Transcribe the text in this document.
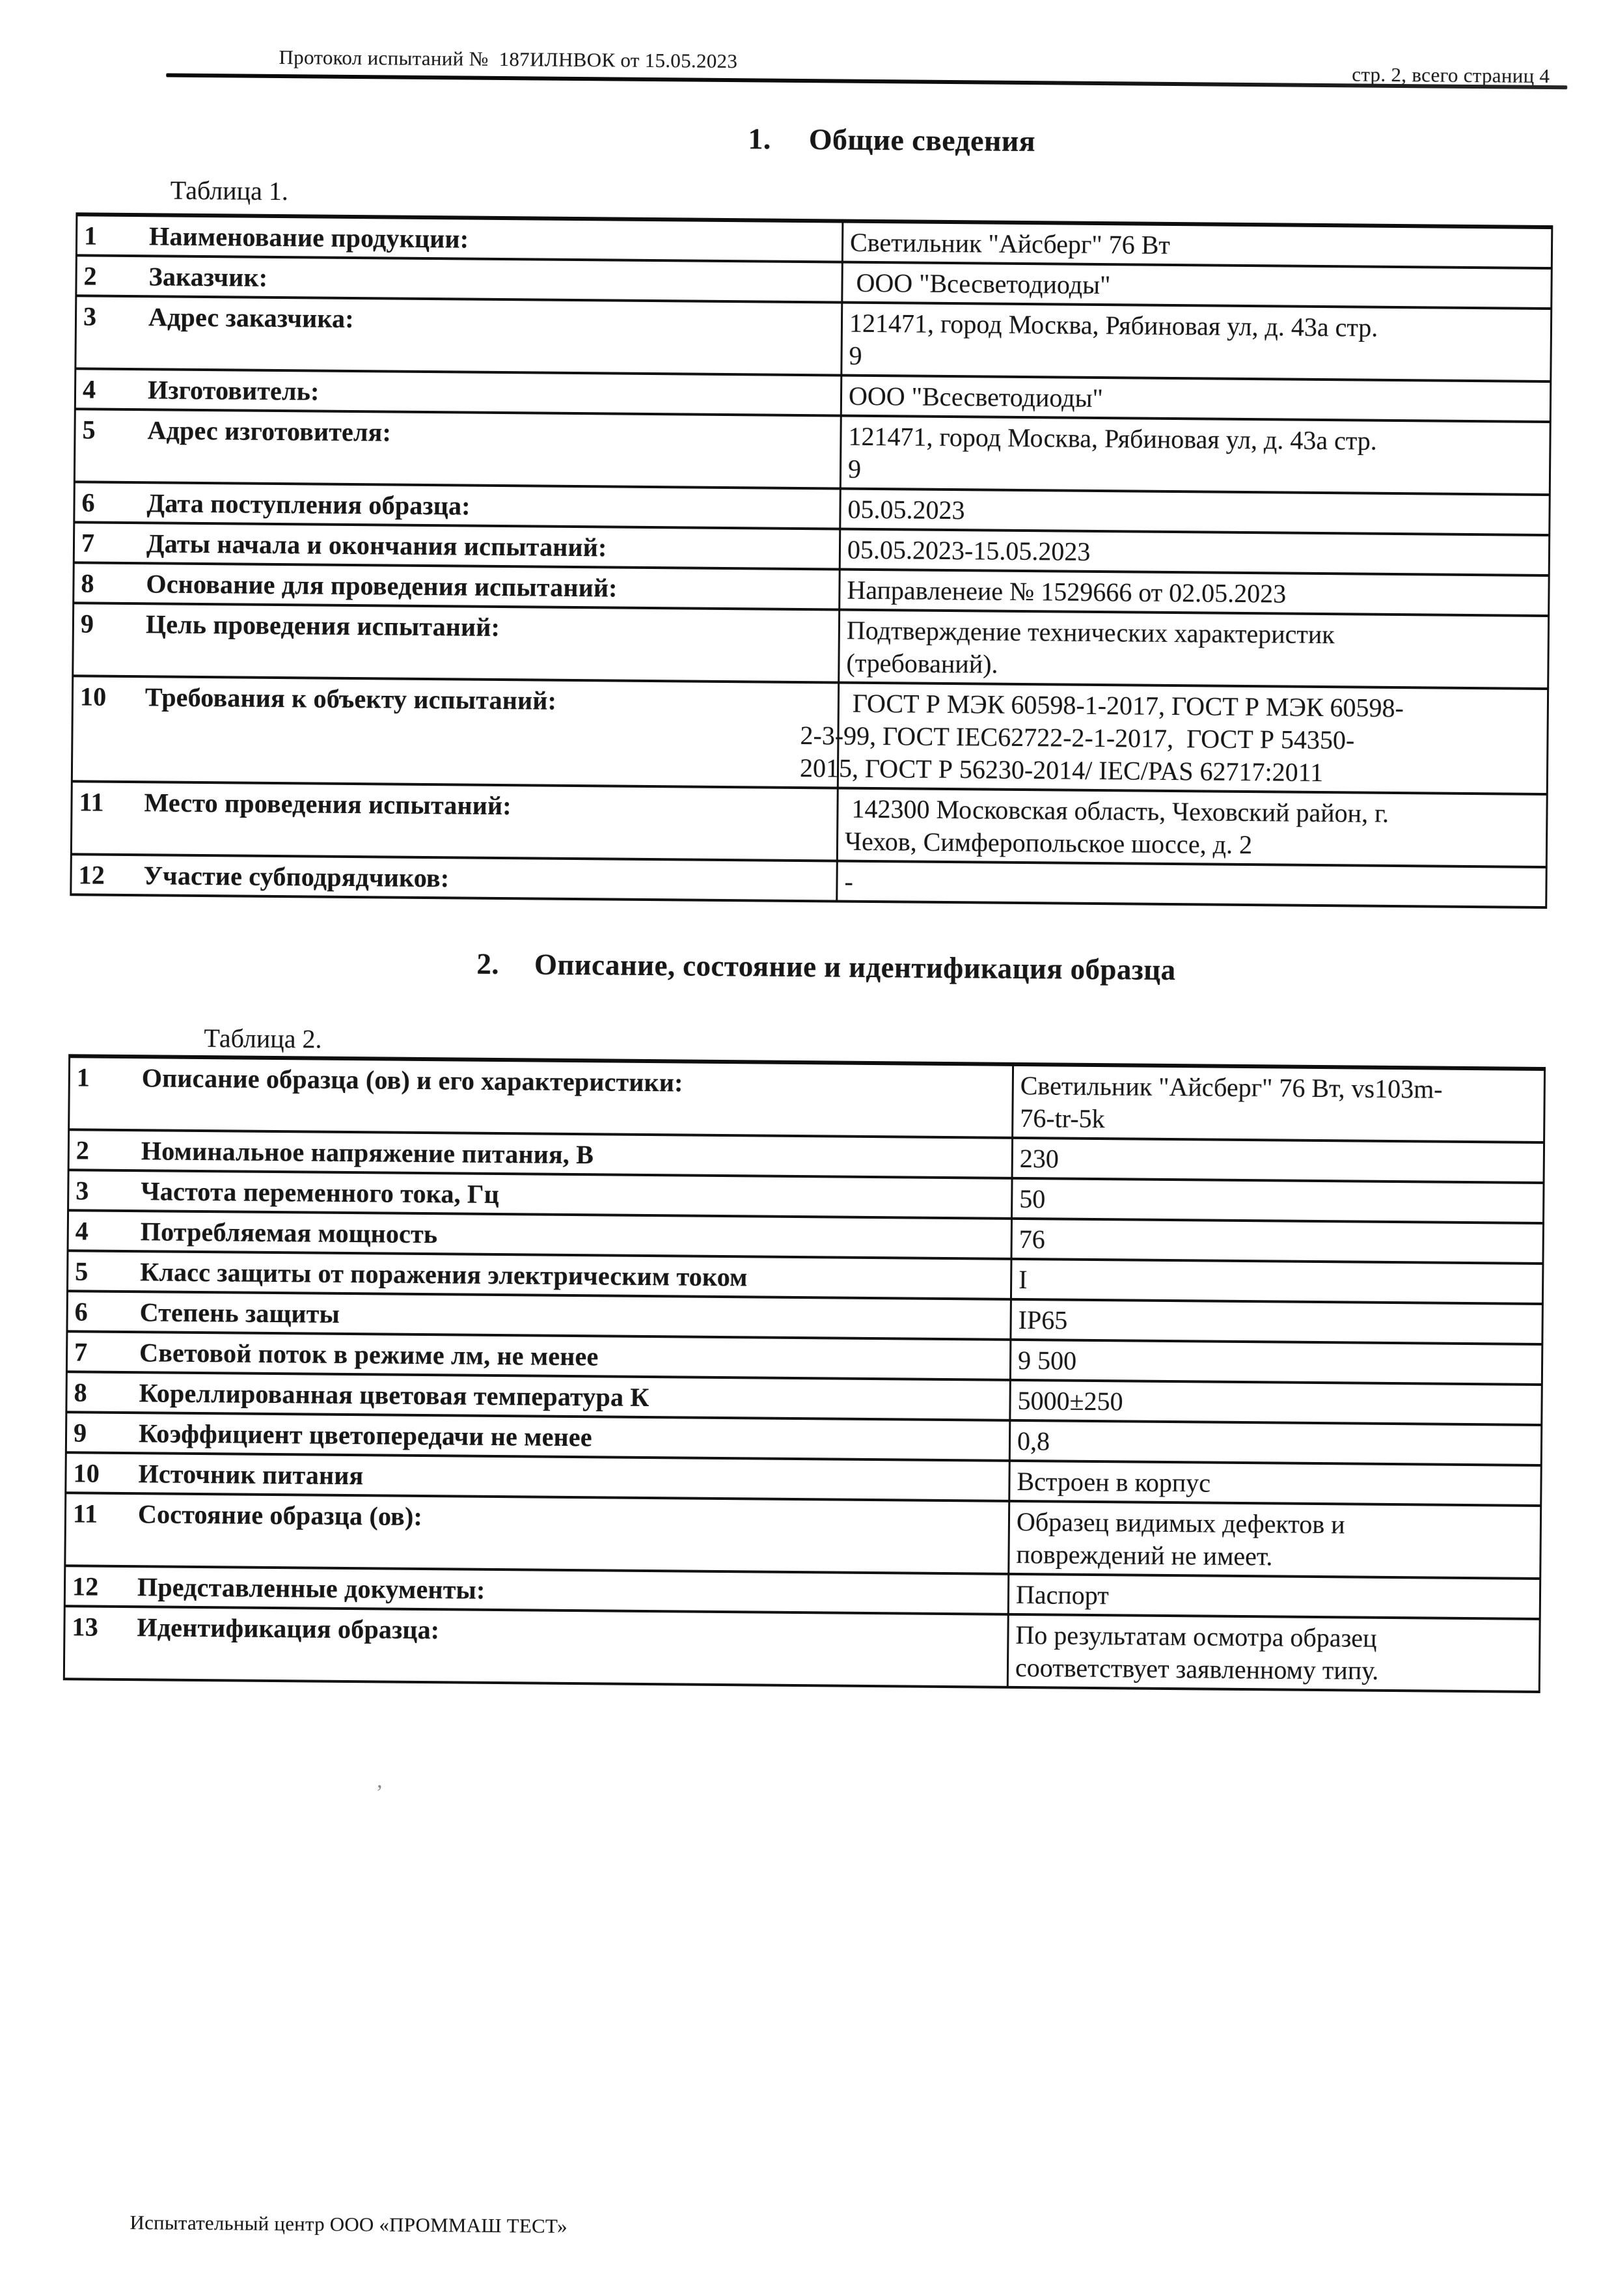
Протокол испытаний №  187ИЛНВОК от 15.05.2023
стр. 2, всего страниц 4
1. Общие сведения
Таблица 1.
1 Наименование продукции:	Светильник "Айсберг" 76 Вт

2 Заказчик:	ООО "Всесветодиоды"

3 Адрес заказчика:	121471, город Москва, Рябиновая ул, д. 43а стр.
9

4 Изготовитель:	ООО "Всесветодиоды"

5 Адрес изготовителя:	121471, город Москва, Рябиновая ул, д. 43а стр.
9

6 Дата поступления образца:	05.05.2023

7 Даты начала и окончания испытаний:	05.05.2023-15.05.2023

8 Основание для проведения испытаний:	Направленеие № 1529666 от 02.05.2023

9 Цель проведения испытаний:	Подтверждение технических характеристик
(требований).

10 Требования к объекту испытаний:	ГОСТ Р МЭК 60598-1-2017, ГОСТ Р МЭК 60598-
2-3-99, ГОСТ IEC62722-2-1-2017,  ГОСТ Р 54350-
2015, ГОСТ Р 56230-2014/ IEC/PAS 62717:2011

11 Место проведения испытаний:	142300 Московская область, Чеховский район, г.
Чехов, Симферопольское шоссе, д. 2

12 Участие субподрядчиков:	-
2. Описание, состояние и идентификация образца
Таблица 2.
1 Описание образца (ов) и его характеристики:	Светильник "Айсберг" 76 Вт, vs103m-
76-tr-5k

2 Номинальное напряжение питания, В	230

3 Частота переменного тока, Гц	50

4 Потребляемая мощность	76

5 Класс защиты от поражения электрическим током	I

6 Степень защиты	IP65

7 Световой поток в режиме лм, не менее	9 500

8 Кореллированная цветовая температура К	5000±250

9 Коэффициент цветопередачи не менее	0,8

10 Источник питания	Встроен в корпус

11 Состояние образца (ов):	Образец видимых дефектов и
повреждений не имеет.

12 Представленные документы:	Паспорт

13 Идентификация образца:	По результатам осмотра образец
соответствует заявленному типу.
’
Испытательный центр ООО «ПРОММАШ ТЕСТ»
